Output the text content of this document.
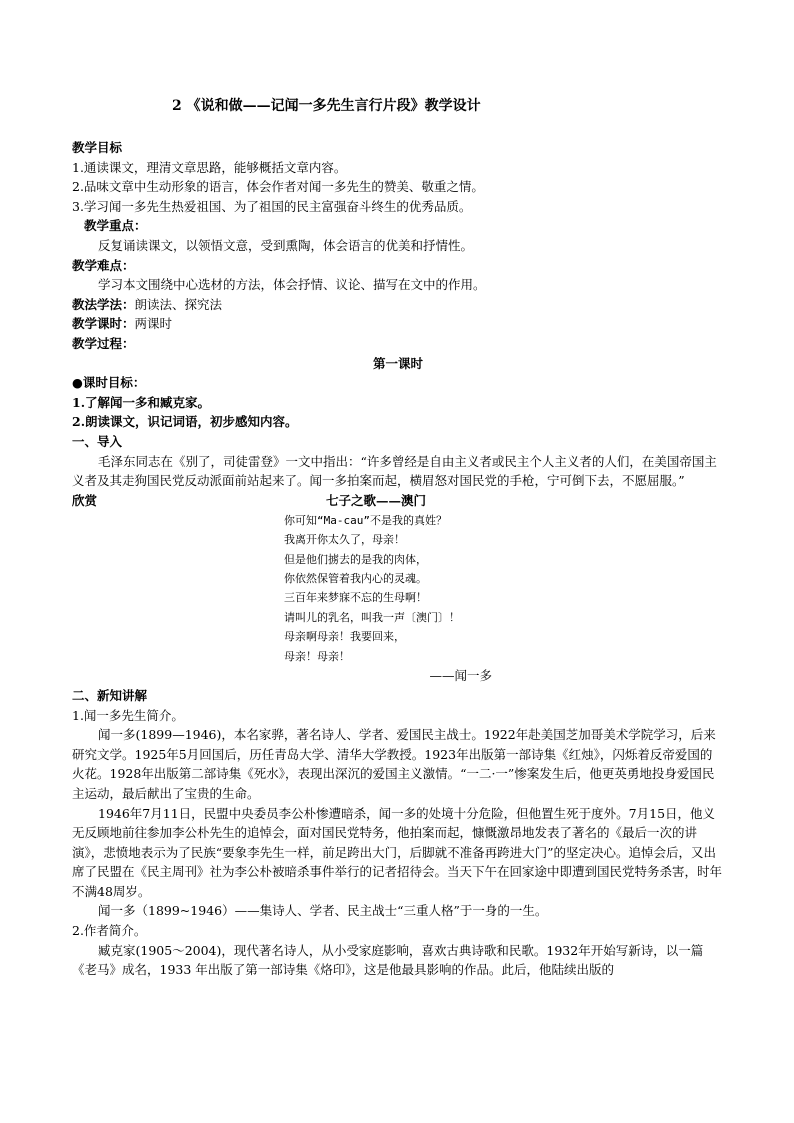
2 《说和做——记闻一多先生言行片段》教学设计

教学目标

1.通读课文，理清文章思路，能够概括文章内容。

2.品味文章中生动形象的语言，体会作者对闻一多先生的赞美、敬重之情。

3.学习闻一多先生热爱祖国、为了祖国的民主富强奋斗终生的优秀品质。

教学重点：

反复诵读课文，以领悟文意，受到熏陶，体会语言的优美和抒情性。

教学难点：

学习本文围绕中心选材的方法，体会抒情、议论、描写在文中的作用。

教法学法：朗读法、探究法

教学课时：两课时

教学过程：

第一课时

●课时目标：

1.了解闻一多和臧克家。

2.朗读课文，识记词语，初步感知内容。

一、导入

毛泽东同志在《别了，司徒雷登》一文中指出：“许多曾经是自由主义者或民主个人主义者的人们，在美国帝国主义者及其走狗国民党反动派面前站起来了。闻一多拍案而起，横眉怒对国民党的手枪，宁可倒下去，不愿屈服。”

欣赏	七子之歌——澳门
你可知“Ma-cau”不是我的真姓？
我离开你太久了，母亲！
但是他们掳去的是我的肉体，
你依然保管着我内心的灵魂。
三百年来梦寐不忘的生母啊！
请叫儿的乳名，叫我一声〔澳门〕！
母亲啊母亲！我要回来，
母亲！母亲！
——闻一多

二、新知讲解

1.闻一多先生简介。

闻一多(1899—1946)，本名家骅，著名诗人、学者、爱国民主战士。1922年赴美国芝加哥美术学院学习，后来研究文学。1925年5月回国后，历任青岛大学、清华大学教授。1923年出版第一部诗集《红烛》，闪烁着反帝爱国的火花。1928年出版第二部诗集《死水》，表现出深沉的爱国主义激情。“一二·一”惨案发生后，他更英勇地投身爱国民主运动，最后献出了宝贵的生命。

1946年7月11日，民盟中央委员李公朴惨遭暗杀，闻一多的处境十分危险，但他置生死于度外。7月15日，他义无反顾地前往参加李公朴先生的追悼会，面对国民党特务，他拍案而起，慷慨激昂地发表了著名的《最后一次的讲演》，悲愤地表示为了民族“要象李先生一样，前足跨出大门，后脚就不准备再跨进大门”的坚定决心。追悼会后，又出席了民盟在《民主周刊》社为李公朴被暗杀事件举行的记者招待会。当天下午在回家途中即遭到国民党特务杀害，时年不满48周岁。

闻一多（1899~1946）——集诗人、学者、民主战士“三重人格”于一身的一生。

2.作者简介。

臧克家(1905～2004)，现代著名诗人，从小受家庭影响，喜欢古典诗歌和民歌。1932年开始写新诗，以一篇《老马》成名，1933 年出版了第一部诗集《烙印》，这是他最具影响的作品。此后，他陆续出版的
